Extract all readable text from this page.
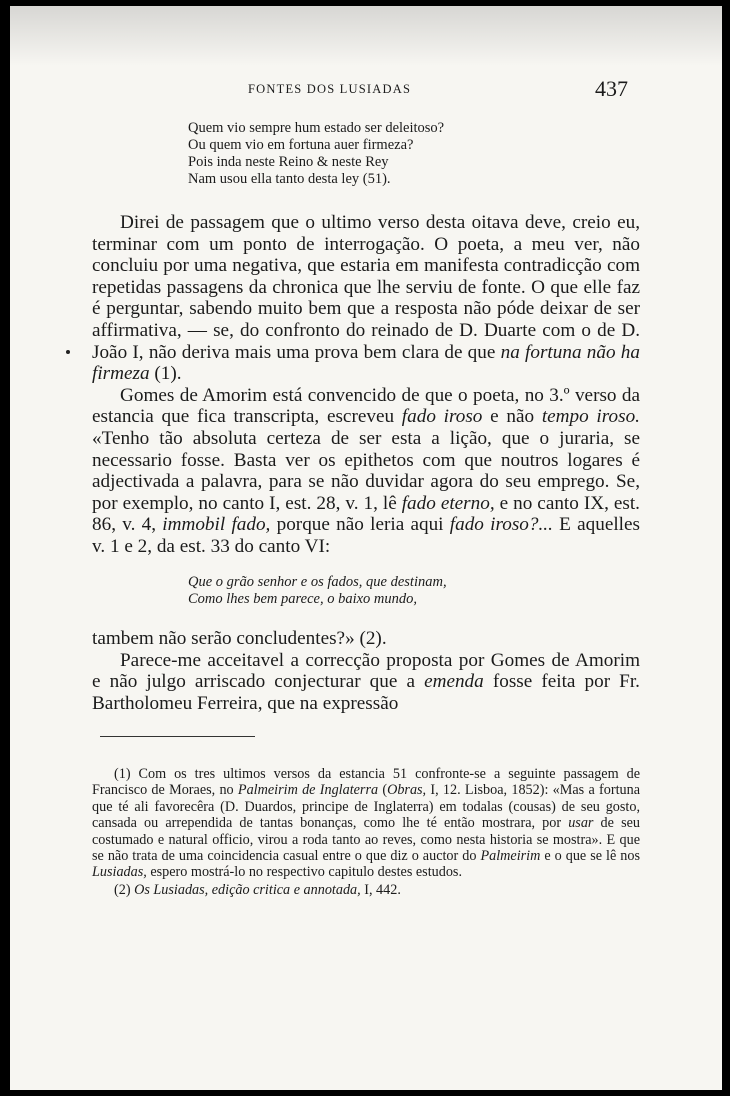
FONTES DOS LUSIADAS	437
Quem vio sempre hum estado ser deleitoso?
Ou quem vio em fortuna auer firmeza?
Pois inda neste Reino & neste Rey
Nam usou ella tanto desta ley (51).

Direi de passagem que o ultimo verso desta oitava deve, creio eu, terminar com um ponto de interrogação. O poeta, a meu ver, não concluiu por uma negativa, que estaria em manifesta contradicção com repetidas passagens da chronica que lhe serviu de fonte. O que elle faz é perguntar, sabendo muito bem que a resposta não póde deixar de ser affirmativa, — se, do confronto do reinado de D. Duarte com o de D. João I, não deriva mais uma prova bem clara de que na fortuna não ha firmeza (1).

Gomes de Amorim está convencido de que o poeta, no 3.º verso da estancia que fica transcripta, escreveu fado iroso e não tempo iroso. «Tenho tão absoluta certeza de ser esta a lição, que o juraria, se necessario fosse. Basta ver os epithetos com que noutros logares é adjectivada a palavra, para se não duvidar agora do seu emprego. Se, por exemplo, no canto I, est. 28, v. 1, lê fado eterno, e no canto IX, est. 86, v. 4, immobil fado, porque não leria aqui fado iroso?... E aquelles v. 1 e 2, da est. 33 do canto VI:

Que o grão senhor e os fados, que destinam,
Como lhes bem parece, o baixo mundo,

tambem não serão concludentes?» (2).

Parece-me acceitavel a correcção proposta por Gomes de Amorim e não julgo arriscado conjecturar que a emenda fosse feita por Fr. Bartholomeu Ferreira, que na expressão

(1) Com os tres ultimos versos da estancia 51 confronte-se a seguinte passagem de Francisco de Moraes, no Palmeirim de Inglaterra (Obras, I, 12. Lisboa, 1852): «Mas a fortuna que té ali favorecêra (D. Duardos, principe de Inglaterra) em todalas (cousas) de seu gosto, cansada ou arrependida de tantas bonanças, como lhe té então mostrara, por usar de seu costumado e natural officio, virou a roda tanto ao reves, como nesta historia se mostra». E que se não trata de uma coincidencia casual entre o que diz o auctor do Palmeirim e o que se lê nos Lusiadas, espero mostrá-lo no respectivo capitulo destes estudos.

(2) Os Lusiadas, edição critica e annotada, I, 442.
